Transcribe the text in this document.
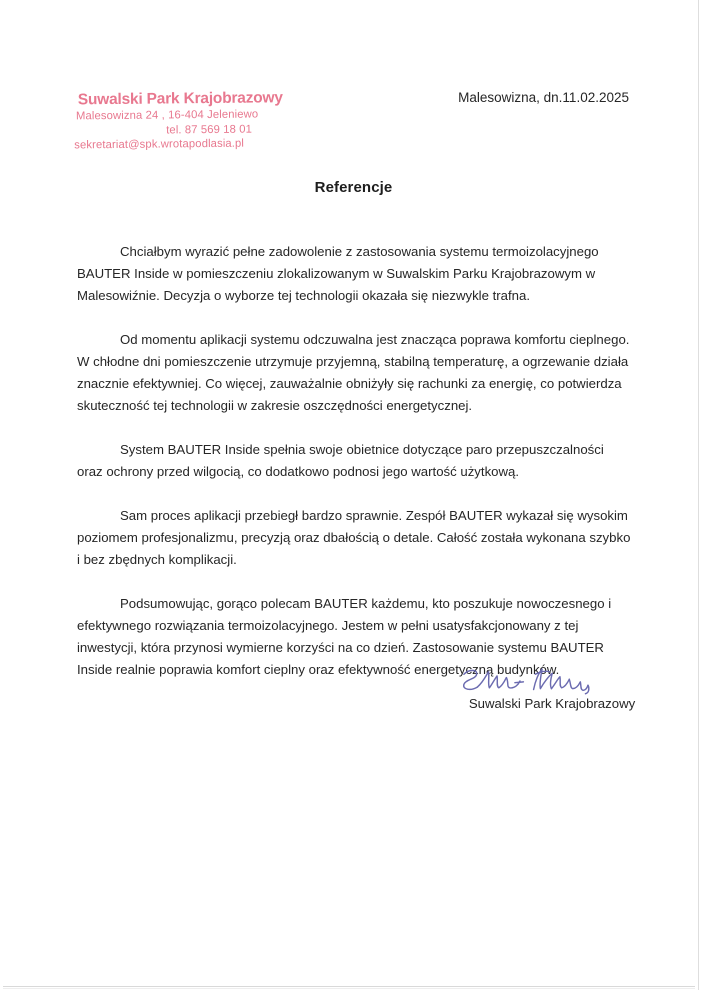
Suwalski Park Krajobrazowy
Malesowizna 24 , 16-404 Jeleniewo
tel. 87 569 18 01
sekretariat@spk.wrotapodlasia.pl
Malesowizna, dn.11.02.2025
Referencje

Chciałbym wyrazić pełne zadowolenie z zastosowania systemu termoizolacyjnego BAUTER Inside w pomieszczeniu zlokalizowanym w Suwalskim Parku Krajobrazowym w Malesowiźnie. Decyzja o wyborze tej technologii okazała się niezwykle trafna.

Od momentu aplikacji systemu odczuwalna jest znacząca poprawa komfortu cieplnego. W chłodne dni pomieszczenie utrzymuje przyjemną, stabilną temperaturę, a ogrzewanie działa znacznie efektywniej. Co więcej, zauważalnie obniżyły się rachunki za energię, co potwierdza skuteczność tej technologii w zakresie oszczędności energetycznej.

System BAUTER Inside spełnia swoje obietnice dotyczące paro przepuszczalności oraz ochrony przed wilgocią, co dodatkowo podnosi jego wartość użytkową.

Sam proces aplikacji przebiegł bardzo sprawnie. Zespół BAUTER wykazał się wysokim poziomem profesjonalizmu, precyzją oraz dbałością o detale. Całość została wykonana szybko i bez zbędnych komplikacji.

Podsumowując, gorąco polecam BAUTER każdemu, kto poszukuje nowoczesnego i efektywnego rozwiązania termoizolacyjnego. Jestem w pełni usatysfakcjonowany z tej inwestycji, która przynosi wymierne korzyści na co dzień. Zastosowanie systemu BAUTER Inside realnie poprawia komfort cieplny oraz efektywność energetyczną budynków.

Suwalski Park Krajobrazowy
